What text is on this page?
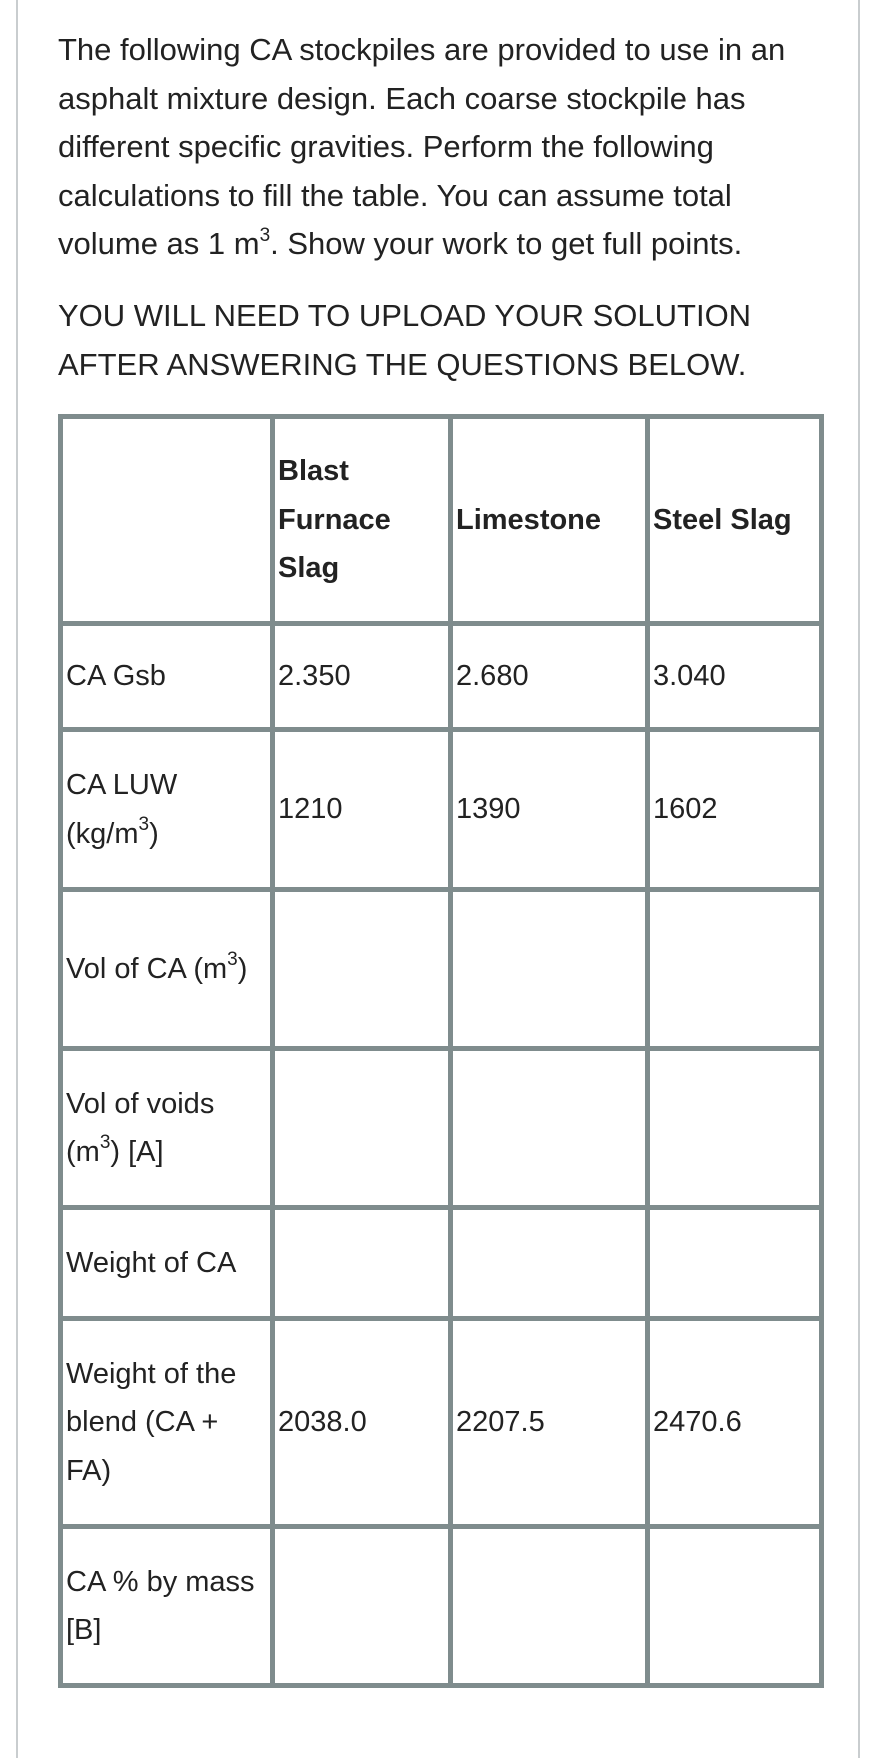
The following CA stockpiles are provided to use in an asphalt mixture design. Each coarse stockpile has different specific gravities. Perform the following calculations to fill the table. You can assume total volume as 1 $m^3$. Show your work to get full points.

YOU WILL NEED TO UPLOAD YOUR SOLUTION AFTER ANSWERING THE QUESTIONS BELOW.

	Blast Furnace Slag	Limestone	Steel Slag
CA Gsb	2.350	2.680	3.040
CA LUW $(kg/m^3)$	1210	1390	1602
Vol of CA $(m^3)$			
Vol of voids $(m^3)$ [A]			
Weight of CA			
Weight of the blend (CA + FA)	2038.0	2207.5	2470.6
CA % by mass [B]			
